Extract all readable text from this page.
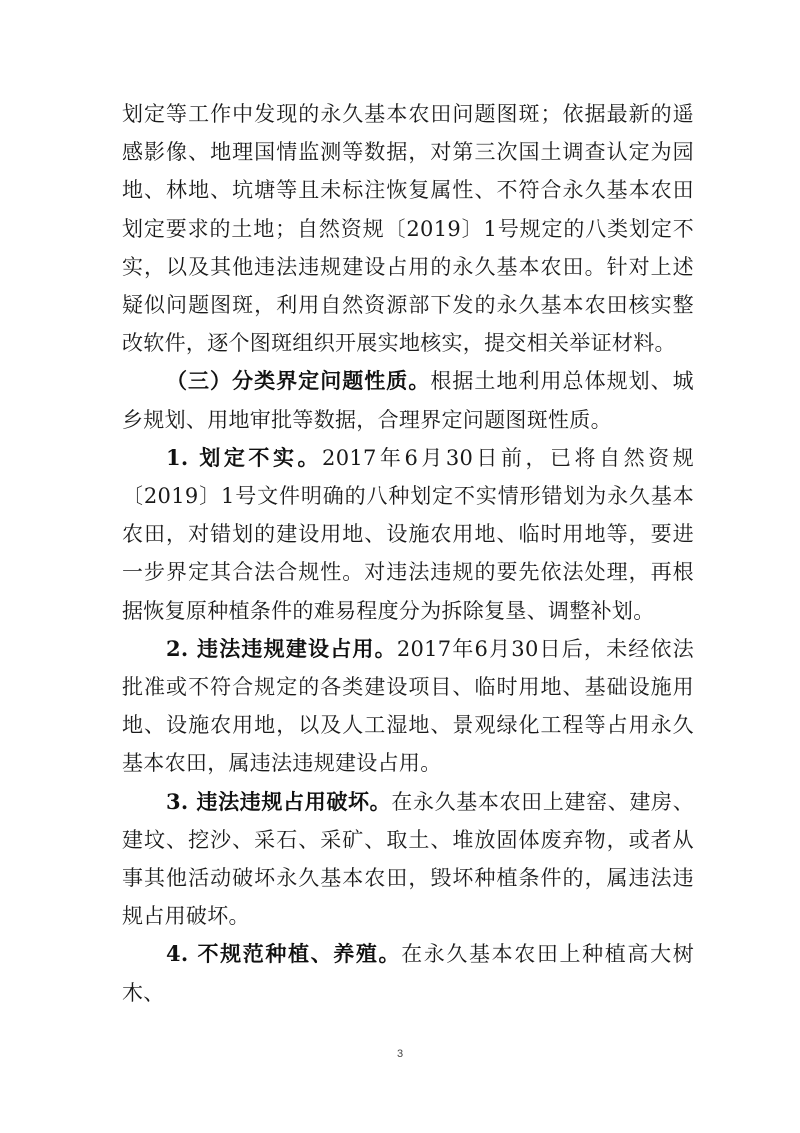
划定等工作中发现的永久基本农田问题图斑；依据最新的遥感影像、地理国情监测等数据，对第三次国土调查认定为园地、林地、坑塘等且未标注恢复属性、不符合永久基本农田划定要求的土地；自然资规〔2019〕1号规定的八类划定不实，以及其他违法违规建设占用的永久基本农田。针对上述疑似问题图斑，利用自然资源部下发的永久基本农田核实整改软件，逐个图斑组织开展实地核实，提交相关举证材料。

（三）分类界定问题性质。根据土地利用总体规划、城乡规划、用地审批等数据，合理界定问题图斑性质。

1. 划定不实。2017年6月30日前，已将自然资规〔2019〕1号文件明确的八种划定不实情形错划为永久基本农田，对错划的建设用地、设施农用地、临时用地等，要进一步界定其合法合规性。对违法违规的要先依法处理，再根据恢复原种植条件的难易程度分为拆除复垦、调整补划。

2. 违法违规建设占用。2017年6月30日后，未经依法批准或不符合规定的各类建设项目、临时用地、基础设施用地、设施农用地，以及人工湿地、景观绿化工程等占用永久基本农田，属违法违规建设占用。

3. 违法违规占用破坏。在永久基本农田上建窑、建房、建坟、挖沙、采石、采矿、取土、堆放固体废弃物，或者从事其他活动破坏永久基本农田，毁坏种植条件的，属违法违规占用破坏。

4. 不规范种植、养殖。在永久基本农田上种植高大树木、

3
